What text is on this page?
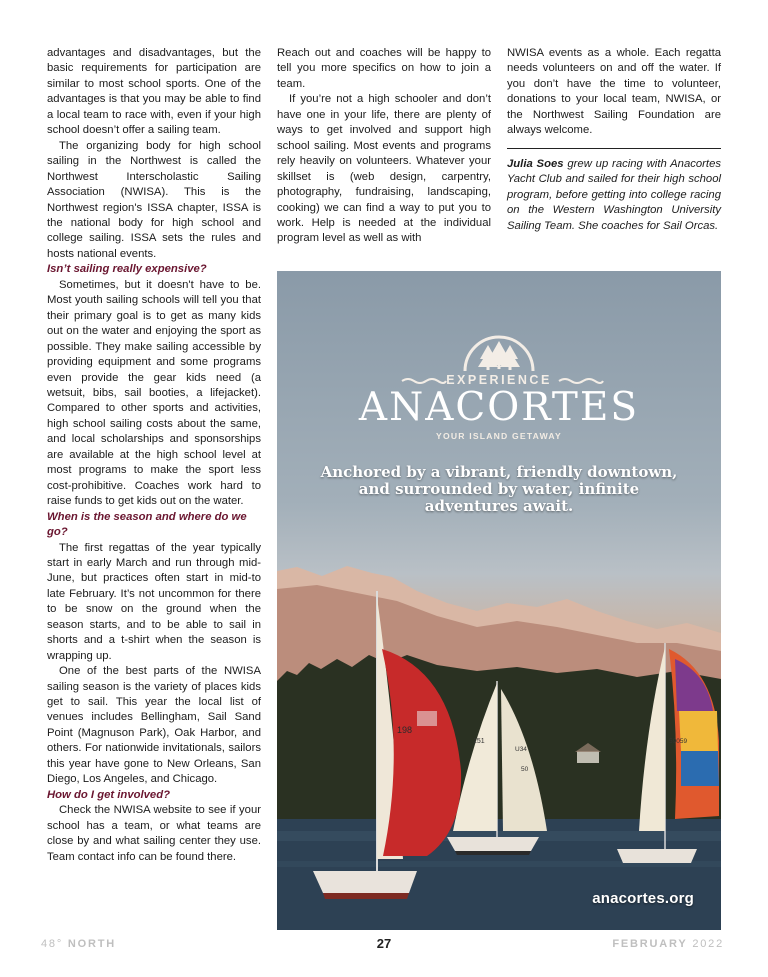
advantages and disadvantages, but the basic requirements for participation are similar to most school sports. One of the advantages is that you may be able to find a local team to race with, even if your high school doesn’t offer a sailing team.

The organizing body for high school sailing in the Northwest is called the Northwest Interscholastic Sailing Association (NWISA). This is the Northwest region's ISSA chapter, ISSA is the national body for high school and college sailing. ISSA sets the rules and hosts national events.

Isn’t sailing really expensive?

Sometimes, but it doesn't have to be. Most youth sailing schools will tell you that their primary goal is to get as many kids out on the water and enjoying the sport as possible. They make sailing accessible by providing equipment and some programs even provide the gear kids need (a wetsuit, bibs, sail booties, a lifejacket). Compared to other sports and activities, high school sailing costs about the same, and local scholarships and sponsorships are available at the high school level at most programs to make the sport less cost-prohibitive. Coaches work hard to raise funds to get kids out on the water.

When is the season and where do we go?

The first regattas of the year typically start in early March and run through mid-June, but practices often start in mid-to late February. It’s not uncommon for there to be snow on the ground when the season starts, and to be able to sail in shorts and a t-shirt when the season is wrapping up.

One of the best parts of the NWISA sailing season is the variety of places kids get to sail. This year the local list of venues includes Bellingham, Sail Sand Point (Magnuson Park), Oak Harbor, and others. For nationwide invitationals, sailors this year have gone to New Orleans, San Diego, Los Angeles, and Chicago.

How do I get involved?

Check the NWISA website to see if your school has a team, or what teams are close by and what sailing center they use. Team contact info can be found there.

Reach out and coaches will be happy to tell you more specifics on how to join a team.

If you’re not a high schooler and don’t have one in your life, there are plenty of ways to get involved and support high school sailing. Most events and programs rely heavily on volunteers. Whatever your skillset is (web design, carpentry, photography, fundraising, landscaping, cooking) we can find a way to put you to work. Help is needed at the individual program level as well as with

NWISA events as a whole. Each regatta needs volunteers on and off the water. If you don’t have the time to volunteer, donations to your local team, NWISA, or the Northwest Sailing Foundation are always welcome.

Julia Soes grew up racing with Anacortes Yacht Club and sailed for their high school program, before getting into college racing on the Western Washington University Sailing Team. She coaches for Sail Orcas.

198
151
U34
50
59059
EXPERIENCE
ANACORTES
YOUR ISLAND GETAWAY
Anchored by a vibrant, friendly downtown, and surrounded by water, infinite adventures await.
anacortes.org
48° NORTH	27	FEBRUARY 2022
